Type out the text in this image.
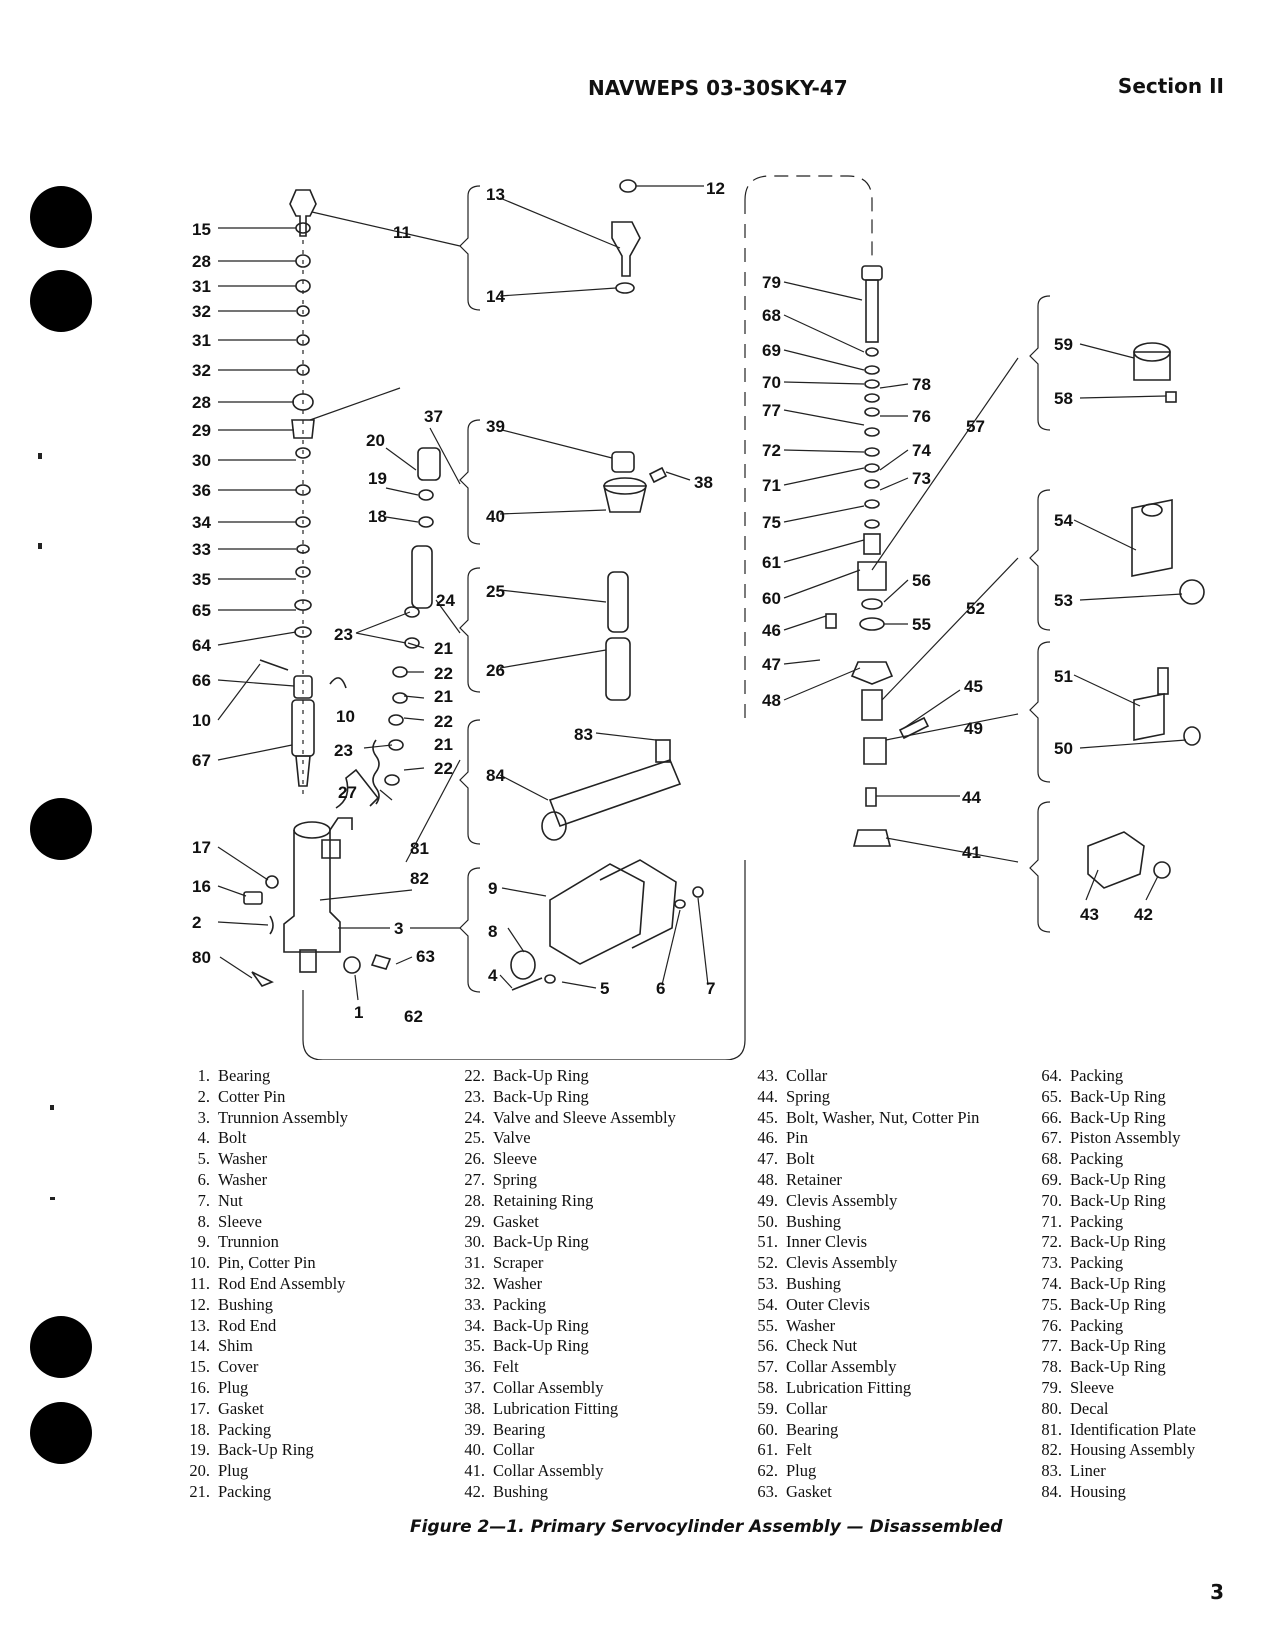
NAVWEPS 03-30SKY-47	Section II
15
28
31
32
31
32
28
29
30
36
34
33
35
65
64
66
10
67
17
16
2
80
1 62
63
3
11
20
19
18
37
24
23
21
22
21
22
10
23	21
22
27
81
82
13	12
14
39
38
40
25
26
83
84
9
8
4
5	6 7
79
68
69
70	78
77	76
72	74
71	73
75
61
60
56
46	55
47
48
57
52
45
49
44
41
59
58
54
53
51
50
43 42
1. Bearing
2. Cotter Pin
3. Trunnion Assembly
4. Bolt
5. Washer
6. Washer
7. Nut
8. Sleeve
9. Trunnion
10. Pin, Cotter Pin
11. Rod End Assembly
12. Bushing
13. Rod End
14. Shim
15. Cover
16. Plug
17. Gasket
18. Packing
19. Back-Up Ring
20. Plug
21. Packing
22. Back-Up Ring
23. Back-Up Ring
24. Valve and Sleeve Assembly
25. Valve
26. Sleeve
27. Spring
28. Retaining Ring
29. Gasket
30. Back-Up Ring
31. Scraper
32. Washer
33. Packing
34. Back-Up Ring
35. Back-Up Ring
36. Felt
37. Collar Assembly
38. Lubrication Fitting
39. Bearing
40. Collar
41. Collar Assembly
42. Bushing
43. Collar
44. Spring
45. Bolt, Washer, Nut, Cotter Pin
46. Pin
47. Bolt
48. Retainer
49. Clevis Assembly
50. Bushing
51. Inner Clevis
52. Clevis Assembly
53. Bushing
54. Outer Clevis
55. Washer
56. Check Nut
57. Collar Assembly
58. Lubrication Fitting
59. Collar
60. Bearing
61. Felt
62. Plug
63. Gasket
64. Packing
65. Back-Up Ring
66. Back-Up Ring
67. Piston Assembly
68. Packing
69. Back-Up Ring
70. Back-Up Ring
71. Packing
72. Back-Up Ring
73. Packing
74. Back-Up Ring
75. Back-Up Ring
76. Packing
77. Back-Up Ring
78. Back-Up Ring
79. Sleeve
80. Decal
81. Identification Plate
82. Housing Assembly
83. Liner
84. Housing
Figure 2—1. Primary Servocylinder Assembly — Disassembled
3
